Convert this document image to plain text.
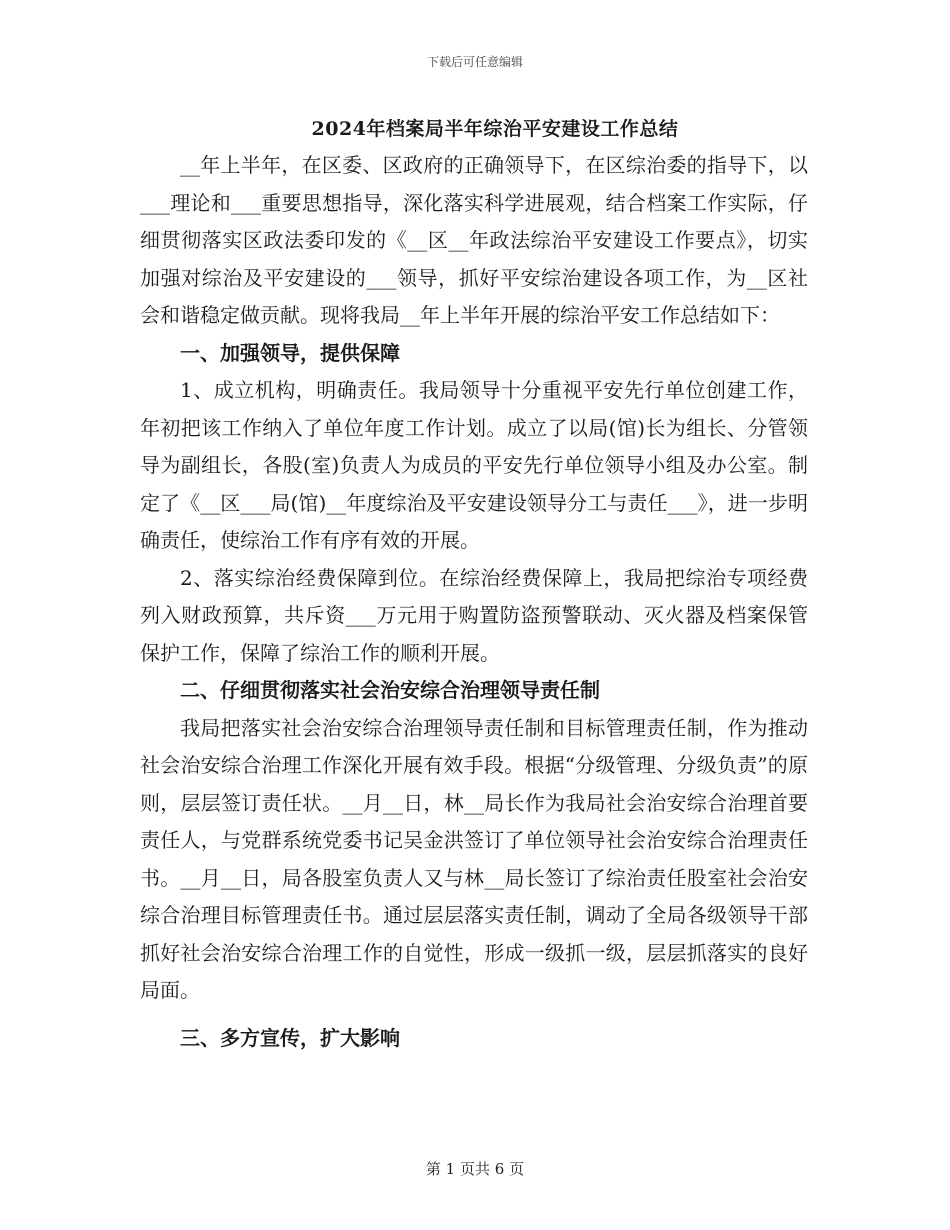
下载后可任意编辑
2024年档案局半年综治平安建设工作总结

__年上半年，在区委、区政府的正确领导下，在区综治委的指导下，以___理论和___重要思想指导，深化落实科学进展观，结合档案工作实际，仔细贯彻落实区政法委印发的《__区__年政法综治平安建设工作要点》，切实加强对综治及平安建设的___领导，抓好平安综治建设各项工作，为__区社会和谐稳定做贡献。现将我局__年上半年开展的综治平安工作总结如下：

一、加强领导，提供保障

1、成立机构，明确责任。我局领导十分重视平安先行单位创建工作，年初把该工作纳入了单位年度工作计划。成立了以局(馆)长为组长、分管领导为副组长，各股(室)负责人为成员的平安先行单位领导小组及办公室。制定了《__区___局(馆)__年度综治及平安建设领导分工与责任___》，进一步明确责任，使综治工作有序有效的开展。

2、落实综治经费保障到位。在综治经费保障上，我局把综治专项经费列入财政预算，共斥资___万元用于购置防盗预警联动、灭火器及档案保管保护工作，保障了综治工作的顺利开展。

二、仔细贯彻落实社会治安综合治理领导责任制

我局把落实社会治安综合治理领导责任制和目标管理责任制，作为推动社会治安综合治理工作深化开展有效手段。根据“分级管理、分级负责”的原则，层层签订责任状。__月__日，林__局长作为我局社会治安综合治理首要责任人，与党群系统党委书记吴金洪签订了单位领导社会治安综合治理责任书。__月__日，局各股室负责人又与林__局长签订了综治责任股室社会治安综合治理目标管理责任书。通过层层落实责任制，调动了全局各级领导干部抓好社会治安综合治理工作的自觉性，形成一级抓一级，层层抓落实的良好局面。

三、多方宣传，扩大影响
第 1 页共 6 页
